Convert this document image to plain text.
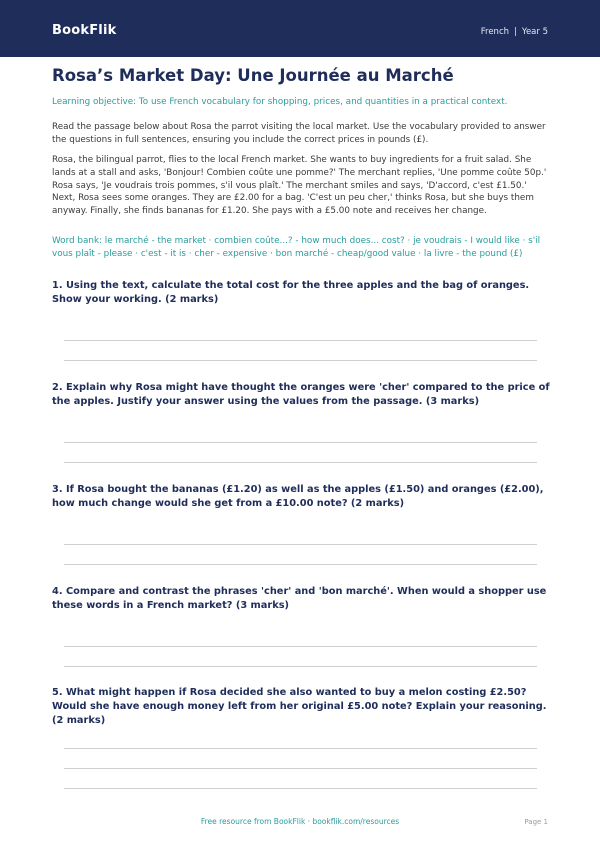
BookFlik	French | Year 5
Rosa’s Market Day: Une Journée au Marché

Learning objective: To use French vocabulary for shopping, prices, and quantities in a practical context.

Read the passage below about Rosa the parrot visiting the local market. Use the vocabulary provided to answer the questions in full sentences, ensuring you include the correct prices in pounds (£).

Rosa, the bilingual parrot, flies to the local French market. She wants to buy ingredients for a fruit salad. She lands at a stall and asks, 'Bonjour! Combien coûte une pomme?' The merchant replies, 'Une pomme coûte 50p.' Rosa says, 'Je voudrais trois pommes, s'il vous plaît.' The merchant smiles and says, 'D'accord, c'est £1.50.' Next, Rosa sees some oranges. They are £2.00 for a bag. 'C'est un peu cher,' thinks Rosa, but she buys them anyway. Finally, she finds bananas for £1.20. She pays with a £5.00 note and receives her change.

Word bank: le marché - the market · combien coûte...? - how much does... cost? · je voudrais - I would like · s'il vous plaît - please · c'est - it is · cher - expensive · bon marché - cheap/good value · la livre - the pound (£)

1. Using the text, calculate the total cost for the three apples and the bag of oranges. Show your working. (2 marks)

2. Explain why Rosa might have thought the oranges were 'cher' compared to the price of the apples. Justify your answer using the values from the passage. (3 marks)

3. If Rosa bought the bananas (£1.20) as well as the apples (£1.50) and oranges (£2.00), how much change would she get from a £10.00 note? (2 marks)

4. Compare and contrast the phrases 'cher' and 'bon marché'. When would a shopper use these words in a French market? (3 marks)

5. What might happen if Rosa decided she also wanted to buy a melon costing £2.50? Would she have enough money left from her original £5.00 note? Explain your reasoning. (2 marks)

Free resource from BookFlik · bookflik.com/resources	Page 1
